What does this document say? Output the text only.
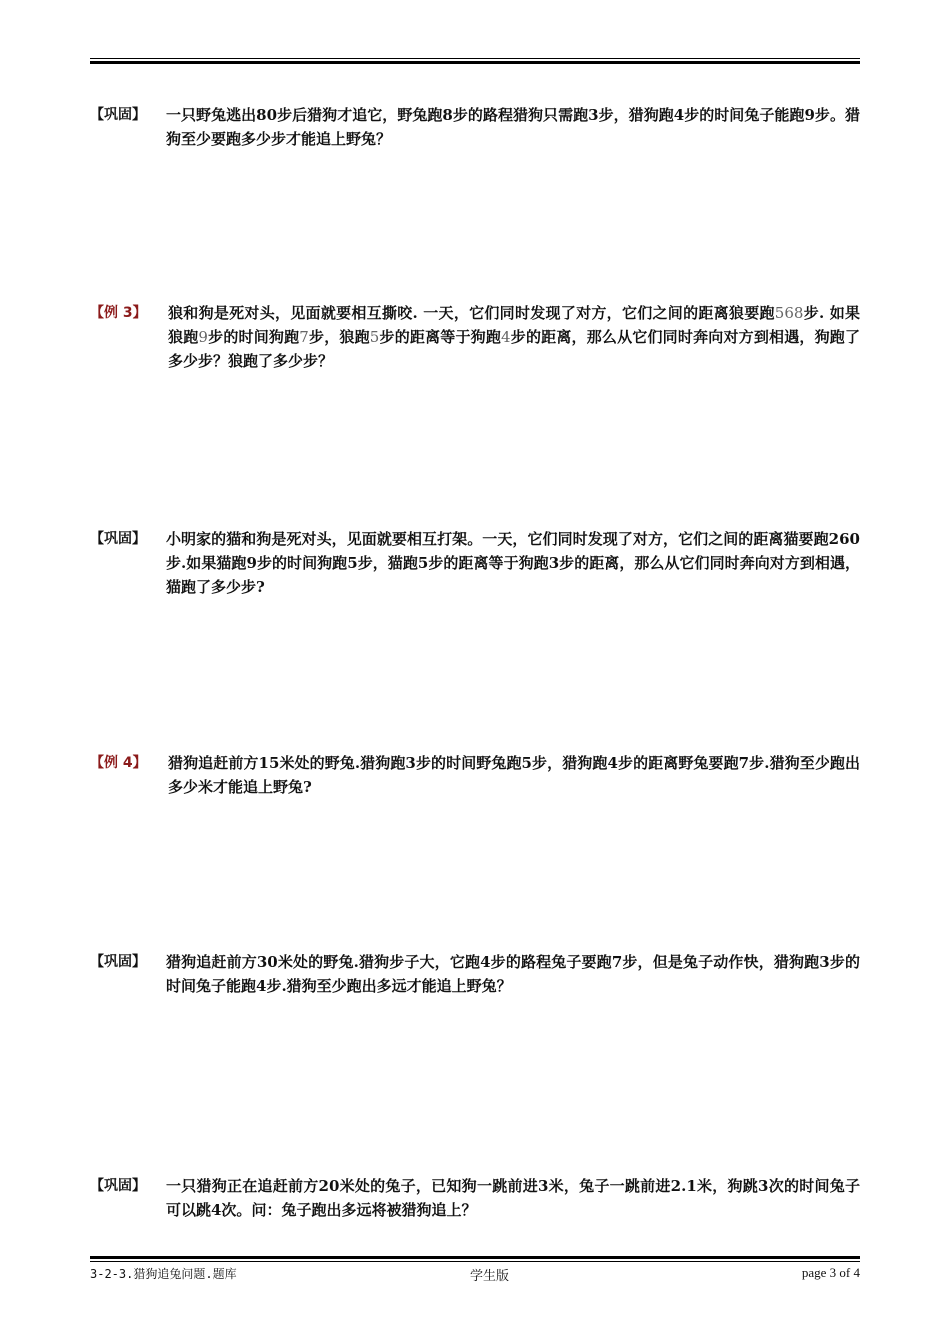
【巩固】 一只野兔逃出80步后猎狗才追它，野兔跑8步的路程猎狗只需跑3步，猎狗跑4步的时间兔子能跑9步。猎狗至少要跑多少步才能追上野兔？
【例 3】 狼和狗是死对头，见面就要相互撕咬. 一天，它们同时发现了对方，它们之间的距离狼要跑568步. 如果狼跑9步的时间狗跑7步，狼跑5步的距离等于狗跑4步的距离，那么从它们同时奔向对方到相遇，狗跑了多少步？狼跑了多少步？
【巩固】 小明家的猫和狗是死对头，见面就要相互打架。一天，它们同时发现了对方，它们之间的距离猫要跑260步.如果猫跑9步的时间狗跑5步，猫跑5步的距离等于狗跑3步的距离，那么从它们同时奔向对方到相遇，猫跑了多少步?
【例 4】 猎狗追赶前方15米处的野兔.猎狗跑3步的时间野兔跑5步，猎狗跑4步的距离野兔要跑7步.猎狗至少跑出多少米才能追上野兔?
【巩固】 猎狗追赶前方30米处的野兔.猎狗步子大，它跑4步的路程兔子要跑7步，但是兔子动作快，猎狗跑3步的时间兔子能跑4步.猎狗至少跑出多远才能追上野兔？
【巩固】 一只猎狗正在追赶前方20米处的兔子，已知狗一跳前进3米，兔子一跳前进2.1米，狗跳3次的时间兔子可以跳4次。问：兔子跑出多远将被猎狗追上？
3-2-3.猎狗追兔问题.题库	学生版	page 3 of 4
